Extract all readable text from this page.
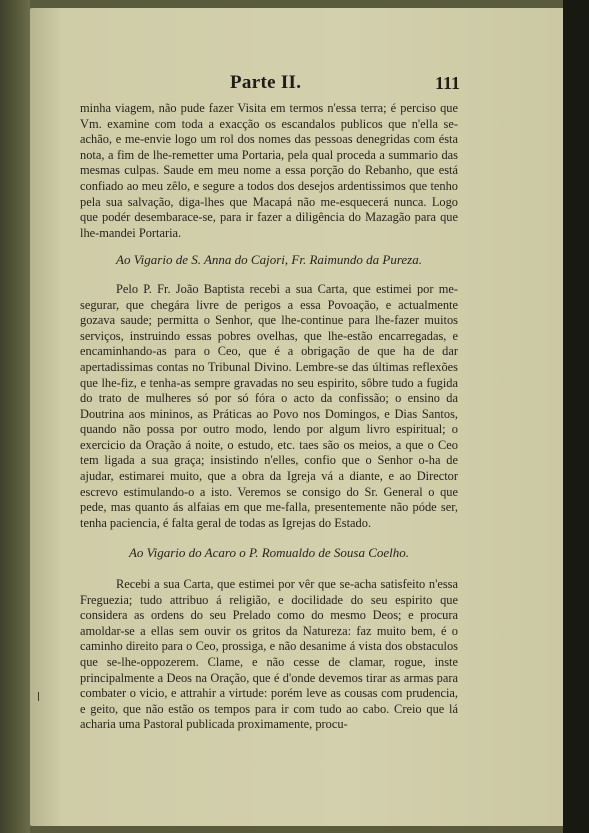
Parte II.	111

minha viagem, não pude fazer Visita em termos n'essa terra; é perciso que Vm. examine com toda a exacção os escandalos publicos que n'ella se-achão, e me-envie logo um rol dos nomes das pessoas denegridas com ésta nota, a fim de lhe-remetter uma Portaria, pela qual proceda a summario das mesmas culpas. Saude em meu nome a essa porção do Rebanho, que está confiado ao meu zêlo, e segure a todos dos desejos ardentissimos que tenho pela sua salvação, diga-lhes que Macapá não me-esquecerá nunca. Logo que podér desembarace-se, para ir fazer a diligência do Mazagão para que lhe-mandei Portaria.

Ao Vigario de S. Anna do Cajori, Fr. Raimundo da Pureza.

Pelo P. Fr. João Baptista recebi a sua Carta, que estimei por me-segurar, que chegára livre de perigos a essa Povoação, e actualmente gozava saude; permitta o Senhor, que lhe-continue para lhe-fazer muitos serviços, instruindo essas pobres ovelhas, que lhe-estão encarregadas, e encaminhando-as para o Ceo, que é a obrigação de que ha de dar apertadissimas contas no Tribunal Divino. Lembre-se das últimas reflexões que lhe-fiz, e tenha-as sempre gravadas no seu espirito, sôbre tudo a fugida do trato de mulheres só por só fóra o acto da confissão; o ensino da Doutrina aos mininos, as Práticas ao Povo nos Domingos, e Dias Santos, quando não possa por outro modo, lendo por algum livro espiritual; o exercicio da Oração á noite, o estudo, etc. taes são os meios, a que o Ceo tem ligada a sua graça; insistindo n'elles, confio que o Senhor o-ha de ajudar, estimarei muito, que a obra da Igreja vá a diante, e ao Director escrevo estimulando-o a isto. Veremos se consigo do Sr. General o que pede, mas quanto ás alfaias em que me-falla, presentemente não póde ser, tenha paciencia, é falta geral de todas as Igrejas do Estado.

Ao Vigario do Acaro o P. Romualdo de Sousa Coelho.

Recebi a sua Carta, que estimei por vêr que se-acha satisfeito n'essa Freguezia; tudo attribuo á religião, e docilidade do seu espirito que considera as ordens do seu Prelado como do mesmo Deos; e procura amoldar-se a ellas sem ouvir os gritos da Natureza: faz muito bem, é o caminho direito para o Ceo, prossiga, e não desanime á vista dos obstaculos que se-lhe-oppozerem. Clame, e não cesse de clamar, rogue, inste principalmente a Deos na Oração, que é d'onde devemos tirar as armas para combater o vicio, e attrahir a virtude: porém leve as cousas com prudencia, e geito, que não estão os tempos para ir com tudo ao cabo. Creio que lá acharia uma Pastoral publicada proximamente, procu-
